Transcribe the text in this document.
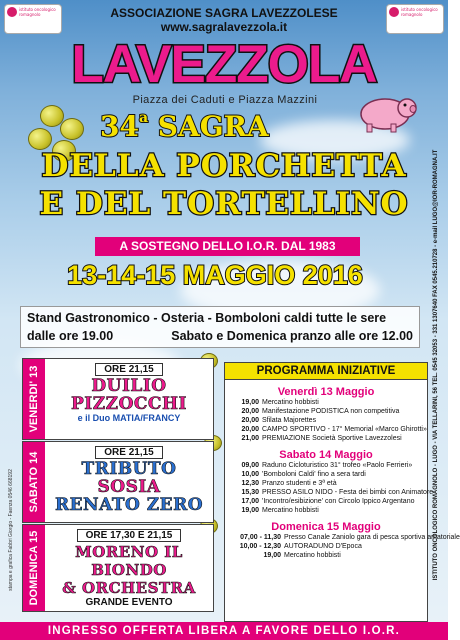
istituto oncologico romagnolo
istituto oncologico romagnolo
ASSOCIAZIONE SAGRA LAVEZZOLESE
www.sagralavezzola.it
LAVEZZOLA
Piazza dei Caduti e Piazza Mazzini
34$^a$ SAGRA
DELLA PORCHETTA
E DEL TORTELLINO
A SOSTEGNO DELLO I.O.R. DAL 1983
13-14-15 MAGGIO 2016
Stand Gastronomico - Osteria - Bomboloni caldi tutte le sere
dalle ore 19.00	Sabato e Domenica pranzo alle ore 12.00
VENERDI' 13	ORE 21,15
DUILIO
PIZZOCCHI
e il Duo MATIA/FRANCY
SABATO 14	ORE 21,15
TRIBUTO
SOSIA
RENATO ZERO
DOMENICA 15	ORE 17,30 E 21,15
MORENO IL BIONDO
& ORCHESTRA
GRANDE EVENTO
stampa e grafica Fabbri Giorgio - Faenza 0546 668192
PROGRAMMA INIZIATIVE
Venerdì 13 Maggio
19,00 Mercatino hobbisti
20,00 Manifestazione PODISTICA non competitiva
20,00 Sfilata Majorettes
20,00 CAMPO SPORTIVO - 17° Memorial «Marco Ghirotti»
21,00 PREMIAZIONE Società Sportive Lavezzolesi
Sabato 14 Maggio
09,00 Raduno Cicloturistico 31° trofeo «Paolo Ferrieri»
10,00 'Bomboloni Caldi' fino a sera tardi
12,30 Pranzo studenti e 3ª età
15,30 PRESSO ASILO NIDO - Festa dei bimbi con Animatore
17,00 'Incontro/esibizione' con Circolo Ippico Argentano
19,00 Mercatino hobbisti
Domenica 15 Maggio
07,00 - 11,30 Presso Canale Zaniolo gara di pesca sportiva amatoriale
10,00 - 12,30 AUTORADUNO D'Epoca
19,00 Mercatino hobbisti	ISTITUTO ONCOLOGICO ROMAGNOLO - LUGO - VIA TELLARINI, 56 TEL. 0545 32053 - 331 1307640 FAX 0545.210728 - e-mail LUGO@IOR-ROMAGNA.IT
INGRESSO OFFERTA LIBERA A FAVORE DELLO I.O.R.
